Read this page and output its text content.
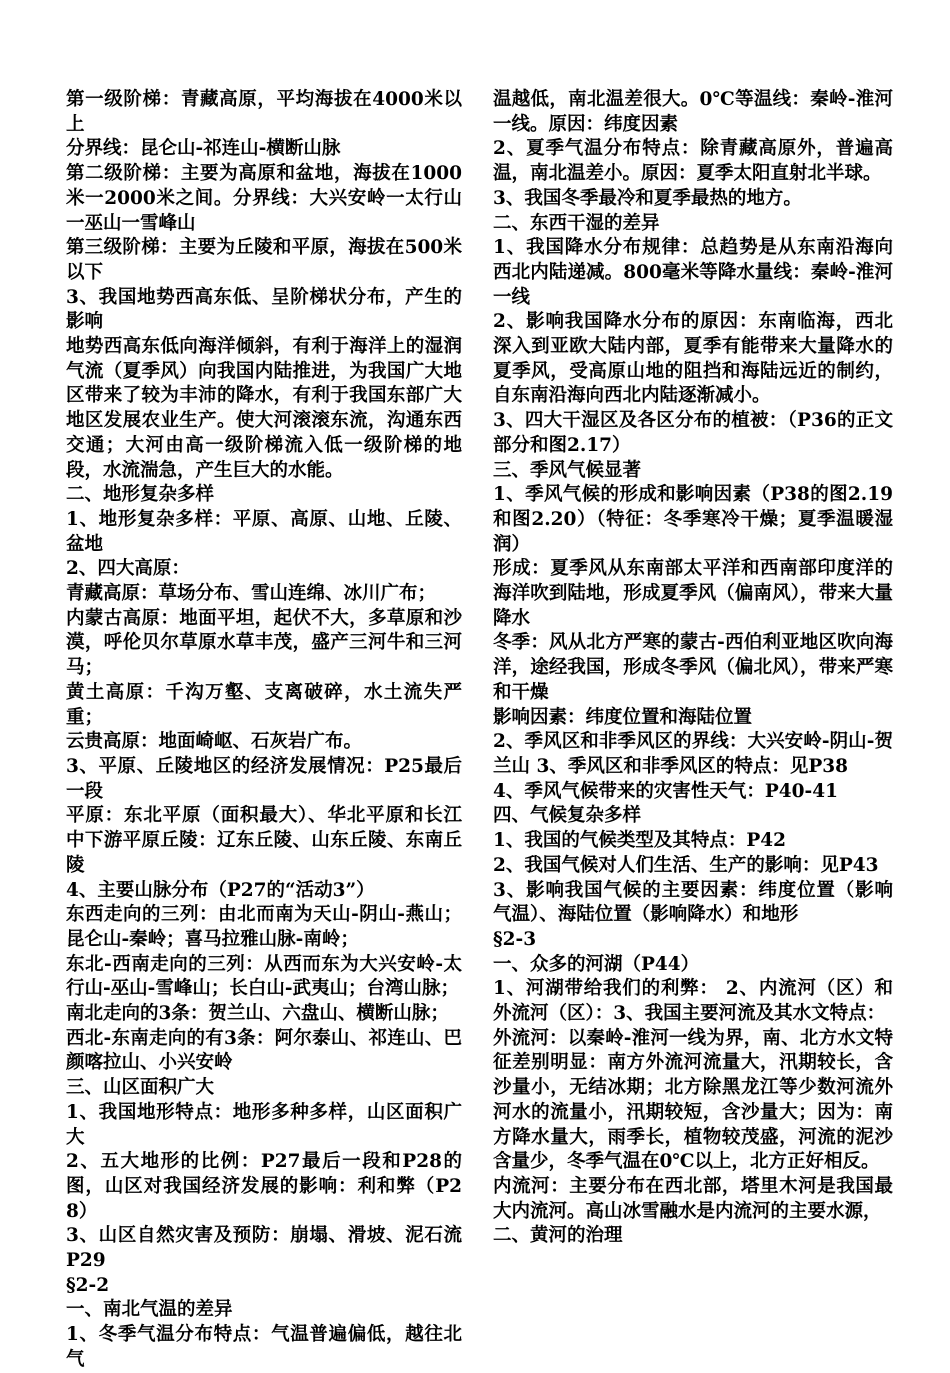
第一级阶梯：青藏高原，平均海拔在4000米以上

分界线：昆仑山-祁连山-横断山脉

第二级阶梯：主要为高原和盆地，海拔在1000米一2000米之间。分界线：大兴安岭一太行山一巫山一雪峰山

第三级阶梯：主要为丘陵和平原，海拔在500米以下

3、我国地势西高东低、呈阶梯状分布，产生的影响

地势西高东低向海洋倾斜，有利于海洋上的湿润气流（夏季风）向我国内陆推进，为我国广大地区带来了较为丰沛的降水，有利于我国东部广大地区发展农业生产。使大河滚滚东流，沟通东西交通；大河由高一级阶梯流入低一级阶梯的地段，水流湍急，产生巨大的水能。

二、地形复杂多样

1、地形复杂多样：平原、高原、山地、丘陵、盆地

2、四大高原：

青藏高原：草场分布、雪山连绵、冰川广布；

内蒙古高原：地面平坦，起伏不大，多草原和沙漠，呼伦贝尔草原水草丰茂，盛产三河牛和三河马；

黄土高原：千沟万壑、支离破碎，水土流失严重；

云贵高原：地面崎岖、石灰岩广布。

3、平原、丘陵地区的经济发展情况：P25最后一段

平原：东北平原（面积最大）、华北平原和长江中下游平原丘陵：辽东丘陵、山东丘陵、东南丘陵

4、主要山脉分布（P27的“活动3”）

东西走向的三列：由北而南为天山-阴山-燕山；昆仑山-秦岭；喜马拉雅山脉-南岭；

东北-西南走向的三列：从西而东为大兴安岭-太行山-巫山-雪峰山；长白山-武夷山；台湾山脉；

南北走向的3条：贺兰山、六盘山、横断山脉；

西北-东南走向的有3条：阿尔泰山、祁连山、巴颜喀拉山、小兴安岭

三、山区面积广大

1、我国地形特点：地形多种多样，山区面积广大

2、五大地形的比例：P27最后一段和P28的图，山区对我国经济发展的影响：利和弊（P28）

3、山区自然灾害及预防：崩塌、滑坡、泥石流 P29

§2-2

一、南北气温的差异

1、冬季气温分布特点：气温普遍偏低，越往北气

温越低，南北温差很大。0℃等温线：秦岭-淮河一线。原因：纬度因素

2、夏季气温分布特点：除青藏高原外，普遍高温，南北温差小。原因：夏季太阳直射北半球。

3、我国冬季最冷和夏季最热的地方。

二、东西干湿的差异

1、我国降水分布规律：总趋势是从东南沿海向西北内陆递减。800毫米等降水量线：秦岭-淮河一线

2、影响我国降水分布的原因：东南临海，西北深入到亚欧大陆内部，夏季有能带来大量降水的夏季风，受高原山地的阻挡和海陆远近的制约，自东南沿海向西北内陆逐渐减小。

3、四大干湿区及各区分布的植被：（P36的正文部分和图2.17）

三、季风气候显著

1、季风气候的形成和影响因素（P38的图2.19和图2.20）（特征：冬季寒冷干燥；夏季温暖湿润）

形成：夏季风从东南部太平洋和西南部印度洋的海洋吹到陆地，形成夏季风（偏南风），带来大量降水

冬季：风从北方严寒的蒙古-西伯利亚地区吹向海洋，途经我国，形成冬季风（偏北风），带来严寒和干燥

影响因素：纬度位置和海陆位置

2、季风区和非季风区的界线：大兴安岭-阴山-贺兰山 3、季风区和非季风区的特点：见P38

4、季风气候带来的灾害性天气：P40-41

四、气候复杂多样

1、我国的气候类型及其特点：P42

2、我国气候对人们生活、生产的影响：见P43

3、影响我国气候的主要因素：纬度位置（影响气温）、海陆位置（影响降水）和地形

§2-3

一、众多的河湖（P44）

1、河湖带给我们的利弊： 2、内流河（区）和外流河（区）：3、我国主要河流及其水文特点：

外流河：以秦岭-淮河一线为界，南、北方水文特征差别明显：南方外流河流量大，汛期较长，含沙量小，无结冰期；北方除黑龙江等少数河流外河水的流量小，汛期较短，含沙量大；因为：南方降水量大，雨季长，植物较茂盛，河流的泥沙含量少，冬季气温在0℃以上，北方正好相反。

内流河：主要分布在西北部，塔里木河是我国最大内流河。高山冰雪融水是内流河的主要水源，

二、黄河的治理
